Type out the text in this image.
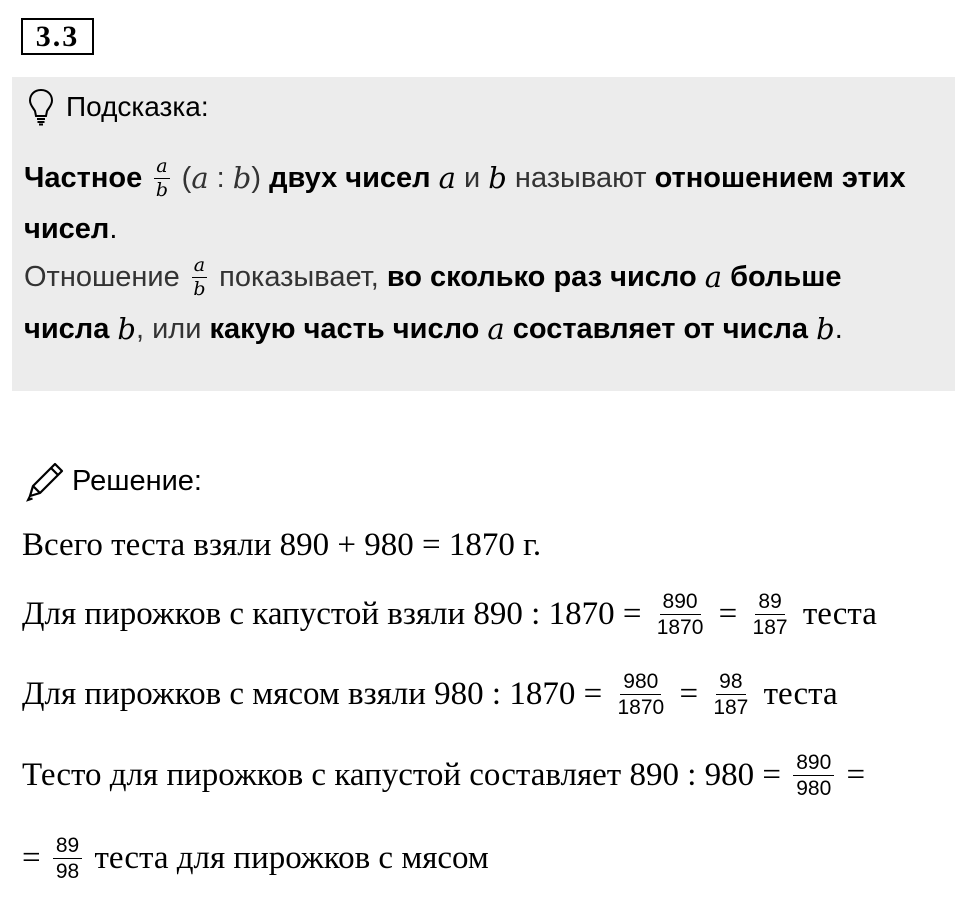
3.3
Подсказка:
Частное $\frac{a}{b}$ ( a : b ) двух чисел a и b называют отношением этих
чисел .
Отношение $\frac{a}{b}$ показывает, во сколько раз число a больше
числа b , или какую часть число a составляет от числа b .
Решение:
Всего теста взяли 890 + 980 = 1870 г.
Для пирожков с капустой взяли 890 : $1870 = \frac{890}{1870} = \frac{89}{187}$ теста
Для пирожков с мясом взяли 980 : $1870 = \frac{980}{1870} = \frac{98}{187}$ теста
Тесто для пирожков с капустой составляет 890 : $980 = \frac{890}{980}$ =
= $\frac{89}{98}$ теста для пирожков с мясом
